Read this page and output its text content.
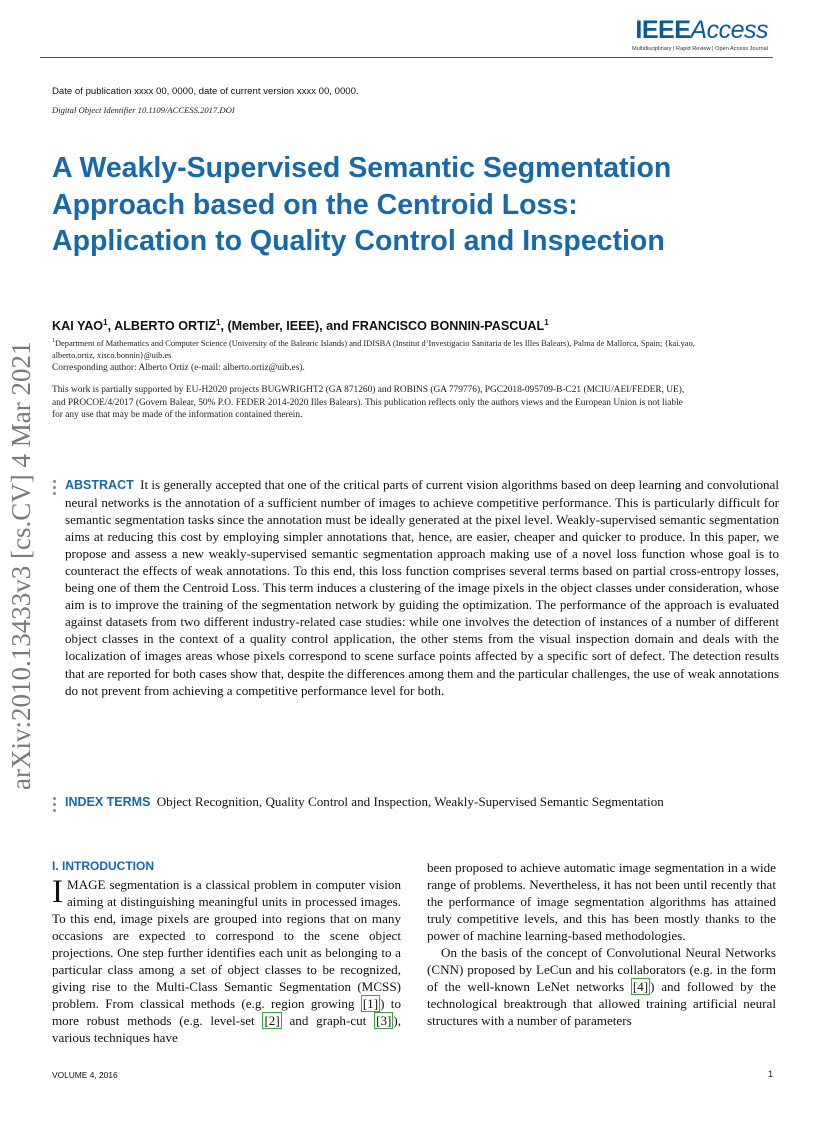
IEEEAccess
Multidisciplinary | Rapid Review | Open Access Journal
Date of publication xxxx 00, 0000, date of current version xxxx 00, 0000.
Digital Object Identifier 10.1109/ACCESS.2017.DOI
A Weakly-Supervised Semantic Segmentation Approach based on the Centroid Loss: Application to Quality Control and Inspection
arXiv:2010.13433v3 [cs.CV] 4 Mar 2021
KAI YAO$^1$, ALBERTO ORTIZ$^1$, (Member, IEEE), and FRANCISCO BONNIN-PASCUAL$^1$
$^1$Department of Mathematics and Computer Science (University of the Balearic Islands) and IDISBA (Institut d’Investigacio Sanitaria de les Illes Balears), Palma de Mallorca, Spain; {kai.yao, alberto.ortiz, xisco.bonnin}@uib.es
Corresponding author: Alberto Ortiz (e-mail: alberto.ortiz@uib.es).
This work is partially supported by EU-H2020 projects BUGWRIGHT2 (GA 871260) and ROBINS (GA 779776), PGC2018-095709-B-C21 (MCIU/AEI/FEDER, UE), and PROCOE/4/2017 (Govern Balear, 50% P.O. FEDER 2014-2020 Illes Balears). This publication reflects only the authors views and the European Union is not liable for any use that may be made of the information contained therein.
ABSTRACT It is generally accepted that one of the critical parts of current vision algorithms based on deep learning and convolutional neural networks is the annotation of a sufficient number of images to achieve competitive performance. This is particularly difficult for semantic segmentation tasks since the annotation must be ideally generated at the pixel level. Weakly-supervised semantic segmentation aims at reducing this cost by employing simpler annotations that, hence, are easier, cheaper and quicker to produce. In this paper, we propose and assess a new weakly-supervised semantic segmentation approach making use of a novel loss function whose goal is to counteract the effects of weak annotations. To this end, this loss function comprises several terms based on partial cross-entropy losses, being one of them the Centroid Loss. This term induces a clustering of the image pixels in the object classes under consideration, whose aim is to improve the training of the segmentation network by guiding the optimization. The performance of the approach is evaluated against datasets from two different industry-related case studies: while one involves the detection of instances of a number of different object classes in the context of a quality control application, the other stems from the visual inspection domain and deals with the localization of images areas whose pixels correspond to scene surface points affected by a specific sort of defect. The detection results that are reported for both cases show that, despite the differences among them and the particular challenges, the use of weak annotations do not prevent from achieving a competitive performance level for both.
INDEX TERMS Object Recognition, Quality Control and Inspection, Weakly-Supervised Semantic Segmentation
I. INTRODUCTION

IMAGE segmentation is a classical problem in computer vision aiming at distinguishing meaningful units in processed images. To this end, image pixels are grouped into regions that on many occasions are expected to correspond to the scene object projections. One step further identifies each unit as belonging to a particular class among a set of object classes to be recognized, giving rise to the Multi-Class Semantic Segmentation (MCSS) problem. From classical methods (e.g. region growing [1] ) to more robust methods (e.g. level-set [2] and graph-cut [3] ), various techniques have

been proposed to achieve automatic image segmentation in a wide range of problems. Nevertheless, it has not been until recently that the performance of image segmentation algorithms has attained truly competitive levels, and this has been mostly thanks to the power of machine learning-based methodologies.

On the basis of the concept of Convolutional Neural Networks (CNN) proposed by LeCun and his collaborators (e.g. in the form of the well-known LeNet networks [4] ) and followed by the technological breaktrough that allowed training artificial neural structures with a number of parameters

VOLUME 4, 2016	1
